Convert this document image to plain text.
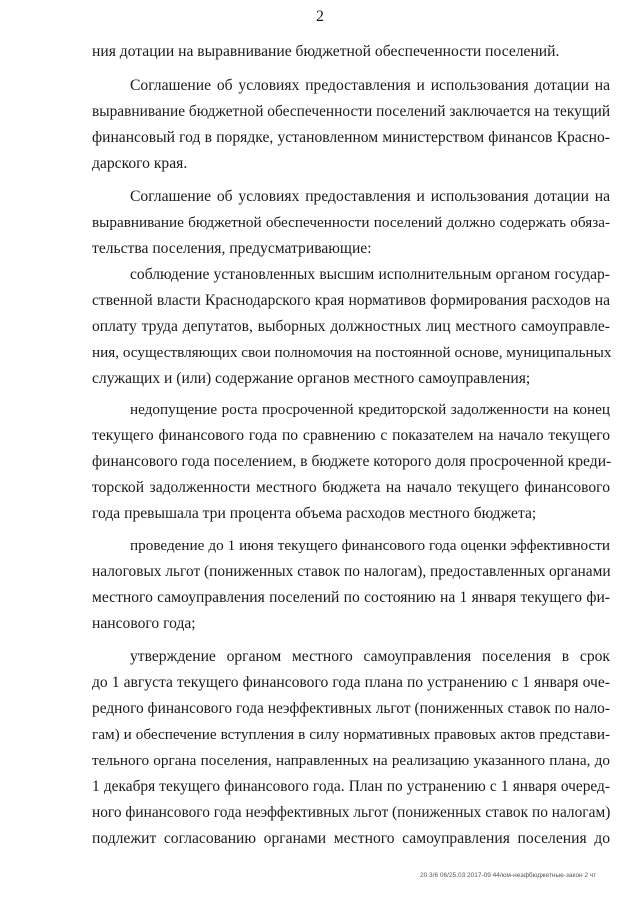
2
ния дотации на выравнивание бюджетной обеспеченности поселений.
Соглашение об условиях предоставления и использования дотации на
выравнивание бюджетной обеспеченности поселений заключается на текущий
финансовый год в порядке, установленном министерством финансов Красно-
дарского края.
Соглашение об условиях предоставления и использования дотации на
выравнивание бюджетной обеспеченности поселений должно содержать обяза-
тельства поселения, предусматривающие:
соблюдение установленных высшим исполнительным органом государ-
ственной власти Краснодарского края нормативов формирования расходов на
оплату труда депутатов, выборных должностных лиц местного самоуправле-
ния, осуществляющих свои полномочия на постоянной основе, муниципальных
служащих и (или) содержание органов местного самоуправления;
недопущение роста просроченной кредиторской задолженности на конец
текущего финансового года по сравнению с показателем на начало текущего
финансового года поселением, в бюджете которого доля просроченной креди-
торской задолженности местного бюджета на начало текущего финансового
года превышала три процента объема расходов местного бюджета;
проведение до 1 июня текущего финансового года оценки эффективности
налоговых льгот (пониженных ставок по налогам), предоставленных органами
местного самоуправления поселений по состоянию на 1 января текущего фи-
нансового года;
утверждение органом местного самоуправления поселения в срок
до 1 августа текущего финансового года плана по устранению с 1 января оче-
редного финансового года неэффективных льгот (пониженных ставок по нало-
гам) и обеспечение вступления в силу нормативных правовых актов представи-
тельного органа поселения, направленных на реализацию указанного плана, до
1 декабря текущего финансового года. План по устранению с 1 января очеред-
ного финансового года неэффективных льгот (пониженных ставок по налогам)
подлежит согласованию органами местного самоуправления поселения до
20 3/6 06/25.03 2017-09 44/юм-неэфбюджетные-закон 2 чт
